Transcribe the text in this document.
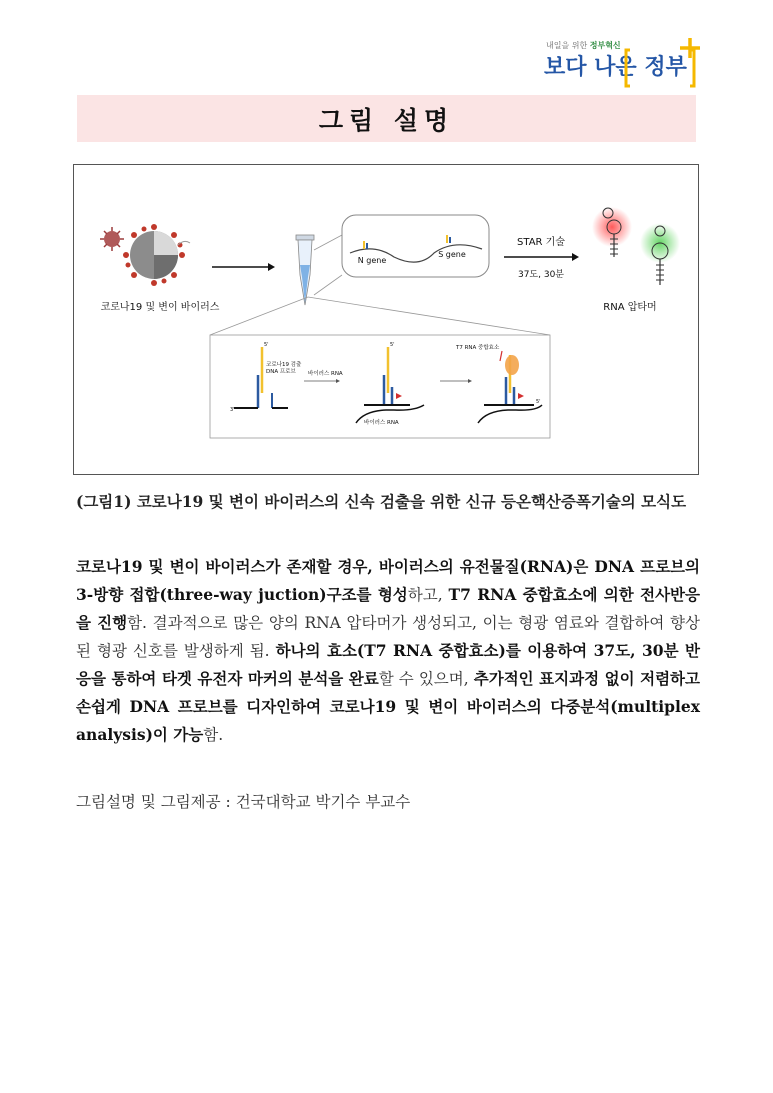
내일을 위한 정부혁신
보다 나은 정부
그림 설명
코로나19 및 변이 바이러스
N gene
S gene
STAR 기술
37도, 30분
RNA 압타머
5'
3'
코로나19 검출
DNA 프로브 바이러스 RNA
5'
바이러스 RNA
T7 RNA 중합효소
5'
(그림1) 코로나19 및 변이 바이러스의 신속 검출을 위한 신규 등온핵산증폭기술의 모식도
코로나19 및 변이 바이러스가 존재할 경우, 바이러스의 유전물질(RNA)은 DNA 프로브의 3-방향 접합(three-way juction)구조를 형성하고, T7 RNA 중합효소에 의한 전사반응을 진행함. 결과적으로 많은 양의 RNA 압타머가 생성되고, 이는 형광 염료와 결합하여 향상된 형광 신호를 발생하게 됨. 하나의 효소(T7 RNA 중합효소)를 이용하여 37도, 30분 반응을 통하여 타겟 유전자 마커의 분석을 완료할 수 있으며, 추가적인 표지과정 없이 저렴하고 손쉽게 DNA 프로브를 디자인하여 코로나19 및 변이 바이러스의 다중분석(multiplex analysis)이 가능함.
그림설명 및 그림제공 : 건국대학교 박기수 부교수
